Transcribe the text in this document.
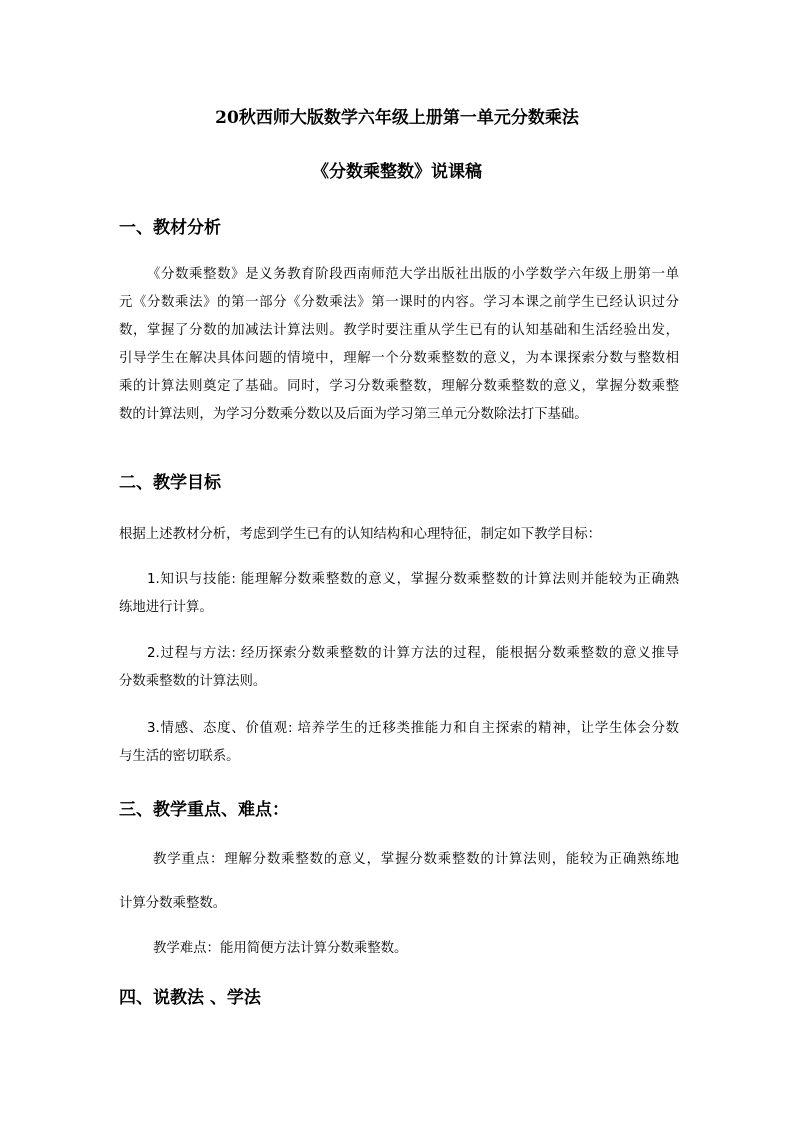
20秋西师大版数学六年级上册第一单元分数乘法
《分数乘整数》说课稿
一、教材分析
《分数乘整数》是义务教育阶段西南师范大学出版社出版的小学数学六年级上册第一单
元《分数乘法》的第一部分《分数乘法》第一课时的内容。学习本课之前学生已经认识过分
数，掌握了分数的加减法计算法则。教学时要注重从学生已有的认知基础和生活经验出发，
引导学生在解决具体问题的情境中，理解一个分数乘整数的意义，为本课探索分数与整数相
乘的计算法则奠定了基础。同时，学习分数乘整数，理解分数乘整数的意义，掌握分数乘整
数的计算法则，为学习分数乘分数以及后面为学习第三单元分数除法打下基础。
二、教学目标

根据上述教材分析，考虑到学生已有的认知结构和心理特征，制定如下教学目标：

1.知识与技能: 能理解分数乘整数的意义，掌握分数乘整数的计算法则并能较为正确熟
练地进行计算。
2.过程与方法: 经历探索分数乘整数的计算方法的过程，能根据分数乘整数的意义推导
分数乘整数的计算法则。
3.情感、态度、价值观: 培养学生的迁移类推能力和自主探索的精神，让学生体会分数
与生活的密切联系。
三、教学重点、难点：
教学重点：理解分数乘整数的意义，掌握分数乘整数的计算法则，能较为正确熟练地
计算分数乘整数。

教学难点：能用简便方法计算分数乘整数。

四、说教法 、学法
